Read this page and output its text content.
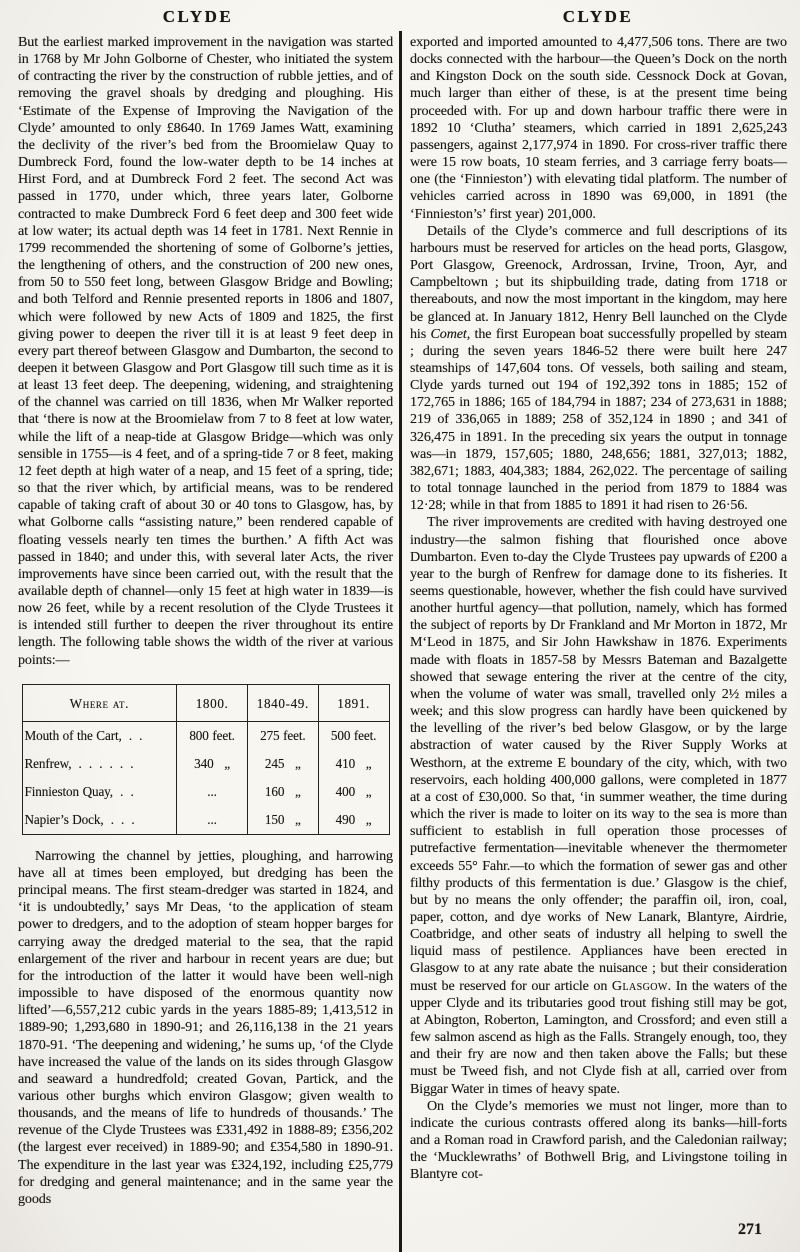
CLYDE	CLYDE

But the earliest marked improvement in the navigation was started in 1768 by Mr John Golborne of Chester, who initiated the system of contracting the river by the construction of rubble jetties, and of removing the gravel shoals by dredging and ploughing. His ‘Estimate of the Expense of Improving the Navigation of the Clyde’ amounted to only £8640. In 1769 James Watt, examining the declivity of the river’s bed from the Broomielaw Quay to Dumbreck Ford, found the low-water depth to be 14 inches at Hirst Ford, and at Dumbreck Ford 2 feet. The second Act was passed in 1770, under which, three years later, Golborne contracted to make Dumbreck Ford 6 feet deep and 300 feet wide at low water; its actual depth was 14 feet in 1781. Next Rennie in 1799 recommended the shortening of some of Golborne’s jetties, the lengthening of others, and the construction of 200 new ones, from 50 to 550 feet long, between Glasgow Bridge and Bowling; and both Telford and Rennie presented reports in 1806 and 1807, which were followed by new Acts of 1809 and 1825, the first giving power to deepen the river till it is at least 9 feet deep in every part thereof between Glasgow and Dumbarton, the second to deepen it between Glasgow and Port Glasgow till such time as it is at least 13 feet deep. The deepening, widening, and straightening of the channel was carried on till 1836, when Mr Walker reported that ‘there is now at the Broomielaw from 7 to 8 feet at low water, while the lift of a neap-tide at Glasgow Bridge—which was only sensible in 1755—is 4 feet, and of a spring-tide 7 or 8 feet, making 12 feet depth at high water of a neap, and 15 feet of a spring, tide; so that the river which, by artificial means, was to be rendered capable of taking craft of about 30 or 40 tons to Glasgow, has, by what Golborne calls “assisting nature,” been rendered capable of floating vessels nearly ten times the burthen.’ A fifth Act was passed in 1840; and under this, with several later Acts, the river improvements have since been carried out, with the result that the available depth of channel—only 15 feet at high water in 1839—is now 26 feet, while by a recent resolution of the Clyde Trustees it is intended still further to deepen the river throughout its entire length. The following table shows the width of the river at various points:—

Where at.	1800.	1840-49.	1891.
Mouth of the Cart,  .  .	800 feet.	275 feet.	500 feet.
Renfrew,  .  .  .  .  .  .	340   „	245   „	410   „
Finnieston Quay,  .  .	...	160   „	400   „
Napier’s Dock,  .  .  .	...	150   „	490   „

Narrowing the channel by jetties, ploughing, and harrowing have all at times been employed, but dredging has been the principal means. The first steam-dredger was started in 1824, and ‘it is undoubtedly,’ says Mr Deas, ‘to the application of steam power to dredgers, and to the adoption of steam hopper barges for carrying away the dredged material to the sea, that the rapid enlargement of the river and harbour in recent years are due; but for the introduction of the latter it would have been well-nigh impossible to have disposed of the enormous quantity now lifted’—6,557,212 cubic yards in the years 1885-89; 1,413,512 in 1889-90; 1,293,680 in 1890-91; and 26,116,138 in the 21 years 1870-91. ‘The deepening and widening,’ he sums up, ‘of the Clyde have increased the value of the lands on its sides through Glasgow and seaward a hundredfold; created Govan, Partick, and the various other burghs which environ Glasgow; given wealth to thousands, and the means of life to hundreds of thousands.’ The revenue of the Clyde Trustees was £331,492 in 1888-89; £356,202 (the largest ever received) in 1889-90; and £354,580 in 1890-91. The expenditure in the last year was £324,192, including £25,779 for dredging and general maintenance; and in the same year the goods

exported and imported amounted to 4,477,506 tons. There are two docks connected with the harbour—the Queen’s Dock on the north and Kingston Dock on the south side. Cessnock Dock at Govan, much larger than either of these, is at the present time being proceeded with. For up and down harbour traffic there were in 1892 10 ‘Clutha’ steamers, which carried in 1891 2,625,243 passengers, against 2,177,974 in 1890. For cross-river traffic there were 15 row boats, 10 steam ferries, and 3 carriage ferry boats—one (the ‘Finnieston’) with elevating tidal platform. The number of vehicles carried across in 1890 was 69,000, in 1891 (the ‘Finnieston’s’ first year) 201,000.

Details of the Clyde’s commerce and full descriptions of its harbours must be reserved for articles on the head ports, Glasgow, Port Glasgow, Greenock, Ardrossan, Irvine, Troon, Ayr, and Campbeltown ; but its shipbuilding trade, dating from 1718 or thereabouts, and now the most important in the kingdom, may here be glanced at. In January 1812, Henry Bell launched on the Clyde his Comet, the first European boat successfully propelled by steam ; during the seven years 1846-52 there were built here 247 steamships of 147,604 tons. Of vessels, both sailing and steam, Clyde yards turned out 194 of 192,392 tons in 1885; 152 of 172,765 in 1886; 165 of 184,794 in 1887; 234 of 273,631 in 1888; 219 of 336,065 in 1889; 258 of 352,124 in 1890 ; and 341 of 326,475 in 1891. In the preceding six years the output in tonnage was—in 1879, 157,605; 1880, 248,656; 1881, 327,013; 1882, 382,671; 1883, 404,383; 1884, 262,022. The percentage of sailing to total tonnage launched in the period from 1879 to 1884 was 12·28; while in that from 1885 to 1891 it had risen to 26·56.

The river improvements are credited with having destroyed one industry—the salmon fishing that flourished once above Dumbarton. Even to-day the Clyde Trustees pay upwards of £200 a year to the burgh of Renfrew for damage done to its fisheries. It seems questionable, however, whether the fish could have survived another hurtful agency—that pollution, namely, which has formed the subject of reports by Dr Frankland and Mr Morton in 1872, Mr M‘Leod in 1875, and Sir John Hawkshaw in 1876. Experiments made with floats in 1857-58 by Messrs Bateman and Bazalgette showed that sewage entering the river at the centre of the city, when the volume of water was small, travelled only 2½ miles a week; and this slow progress can hardly have been quickened by the levelling of the river’s bed below Glasgow, or by the large abstraction of water caused by the River Supply Works at Westhorn, at the extreme E boundary of the city, which, with two reservoirs, each holding 400,000 gallons, were completed in 1877 at a cost of £30,000. So that, ‘in summer weather, the time during which the river is made to loiter on its way to the sea is more than sufficient to establish in full operation those processes of putrefactive fermentation—inevitable whenever the thermometer exceeds 55° Fahr.—to which the formation of sewer gas and other filthy products of this fermentation is due.’ Glasgow is the chief, but by no means the only offender; the paraffin oil, iron, coal, paper, cotton, and dye works of New Lanark, Blantyre, Airdrie, Coatbridge, and other seats of industry all helping to swell the liquid mass of pestilence. Appliances have been erected in Glasgow to at any rate abate the nuisance ; but their consideration must be reserved for our article on Glasgow. In the waters of the upper Clyde and its tributaries good trout fishing still may be got, at Abington, Roberton, Lamington, and Crossford; and even still a few salmon ascend as high as the Falls. Strangely enough, too, they and their fry are now and then taken above the Falls; but these must be Tweed fish, and not Clyde fish at all, carried over from Biggar Water in times of heavy spate.

On the Clyde’s memories we must not linger, more than to indicate the curious contrasts offered along its banks—hill-forts and a Roman road in Crawford parish, and the Caledonian railway; the ‘Mucklewraths’ of Bothwell Brig, and Livingstone toiling in Blantyre cot-

271
